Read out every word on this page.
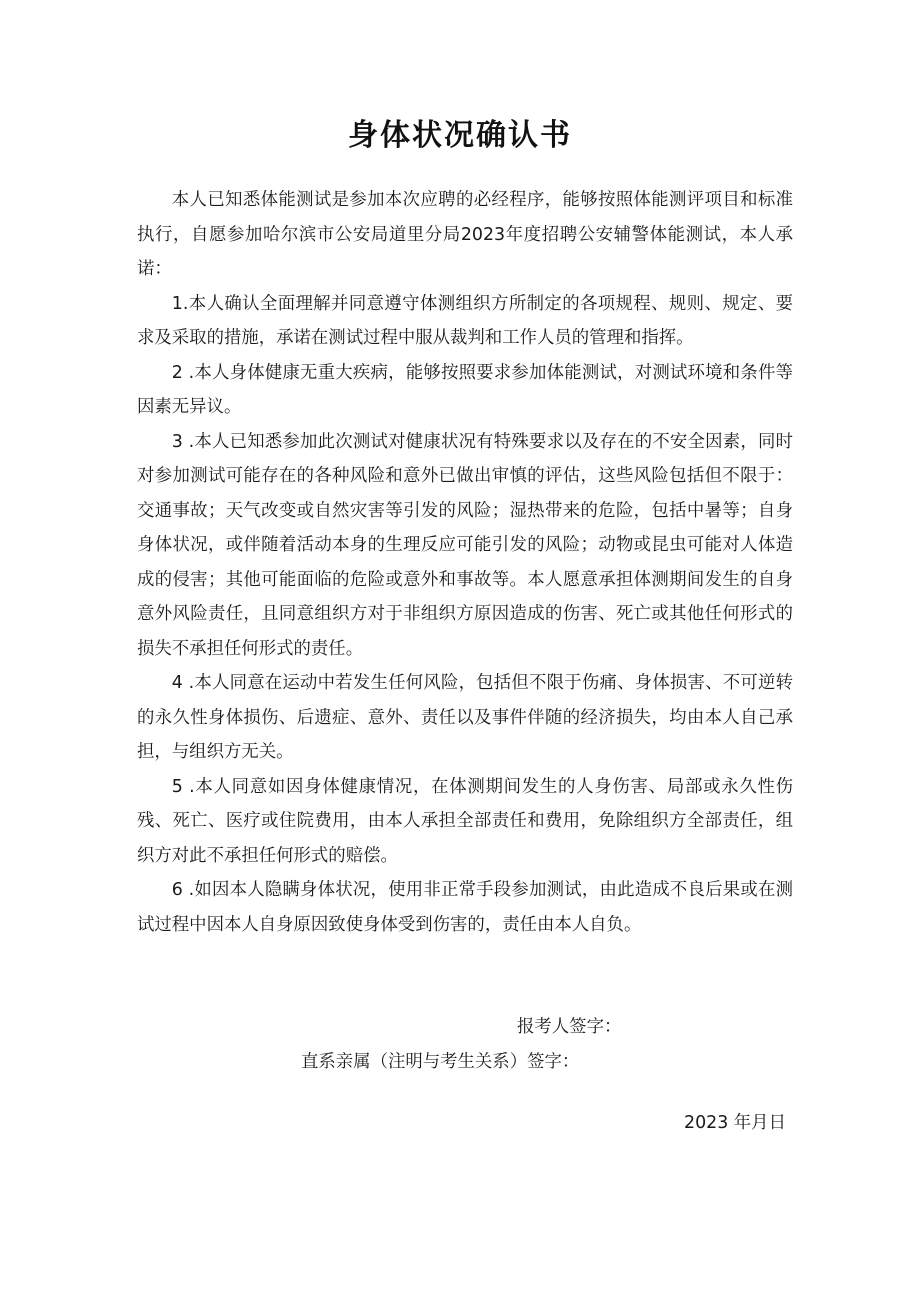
身体状况确认书

本人已知悉体能测试是参加本次应聘的必经程序，能够按照体能测评项目和标准执行，自愿参加哈尔滨市公安局道里分局2023年度招聘公安辅警体能测试，本人承诺：

1.本人确认全面理解并同意遵守体测组织方所制定的各项规程、规则、规定、要求及采取的措施，承诺在测试过程中服从裁判和工作人员的管理和指挥。

2 .本人身体健康无重大疾病，能够按照要求参加体能测试，对测试环境和条件等因素无异议。

3 .本人已知悉参加此次测试对健康状况有特殊要求以及存在的不安全因素，同时对参加测试可能存在的各种风险和意外已做出审慎的评估，这些风险包括但不限于：交通事故；天气改变或自然灾害等引发的风险；湿热带来的危险，包括中暑等；自身身体状况，或伴随着活动本身的生理反应可能引发的风险；动物或昆虫可能对人体造成的侵害；其他可能面临的危险或意外和事故等。本人愿意承担体测期间发生的自身意外风险责任，且同意组织方对于非组织方原因造成的伤害、死亡或其他任何形式的损失不承担任何形式的责任。

4 .本人同意在运动中若发生任何风险，包括但不限于伤痛、身体损害、不可逆转的永久性身体损伤、后遗症、意外、责任以及事件伴随的经济损失，均由本人自己承担，与组织方无关。

5 .本人同意如因身体健康情况，在体测期间发生的人身伤害、局部或永久性伤残、死亡、医疗或住院费用，由本人承担全部责任和费用，免除组织方全部责任，组织方对此不承担任何形式的赔偿。

6 .如因本人隐瞒身体状况，使用非正常手段参加测试，由此造成不良后果或在测试过程中因本人自身原因致使身体受到伤害的，责任由本人自负。

报考人签字：
直系亲属（注明与考生关系）签字：
2023 年月日
